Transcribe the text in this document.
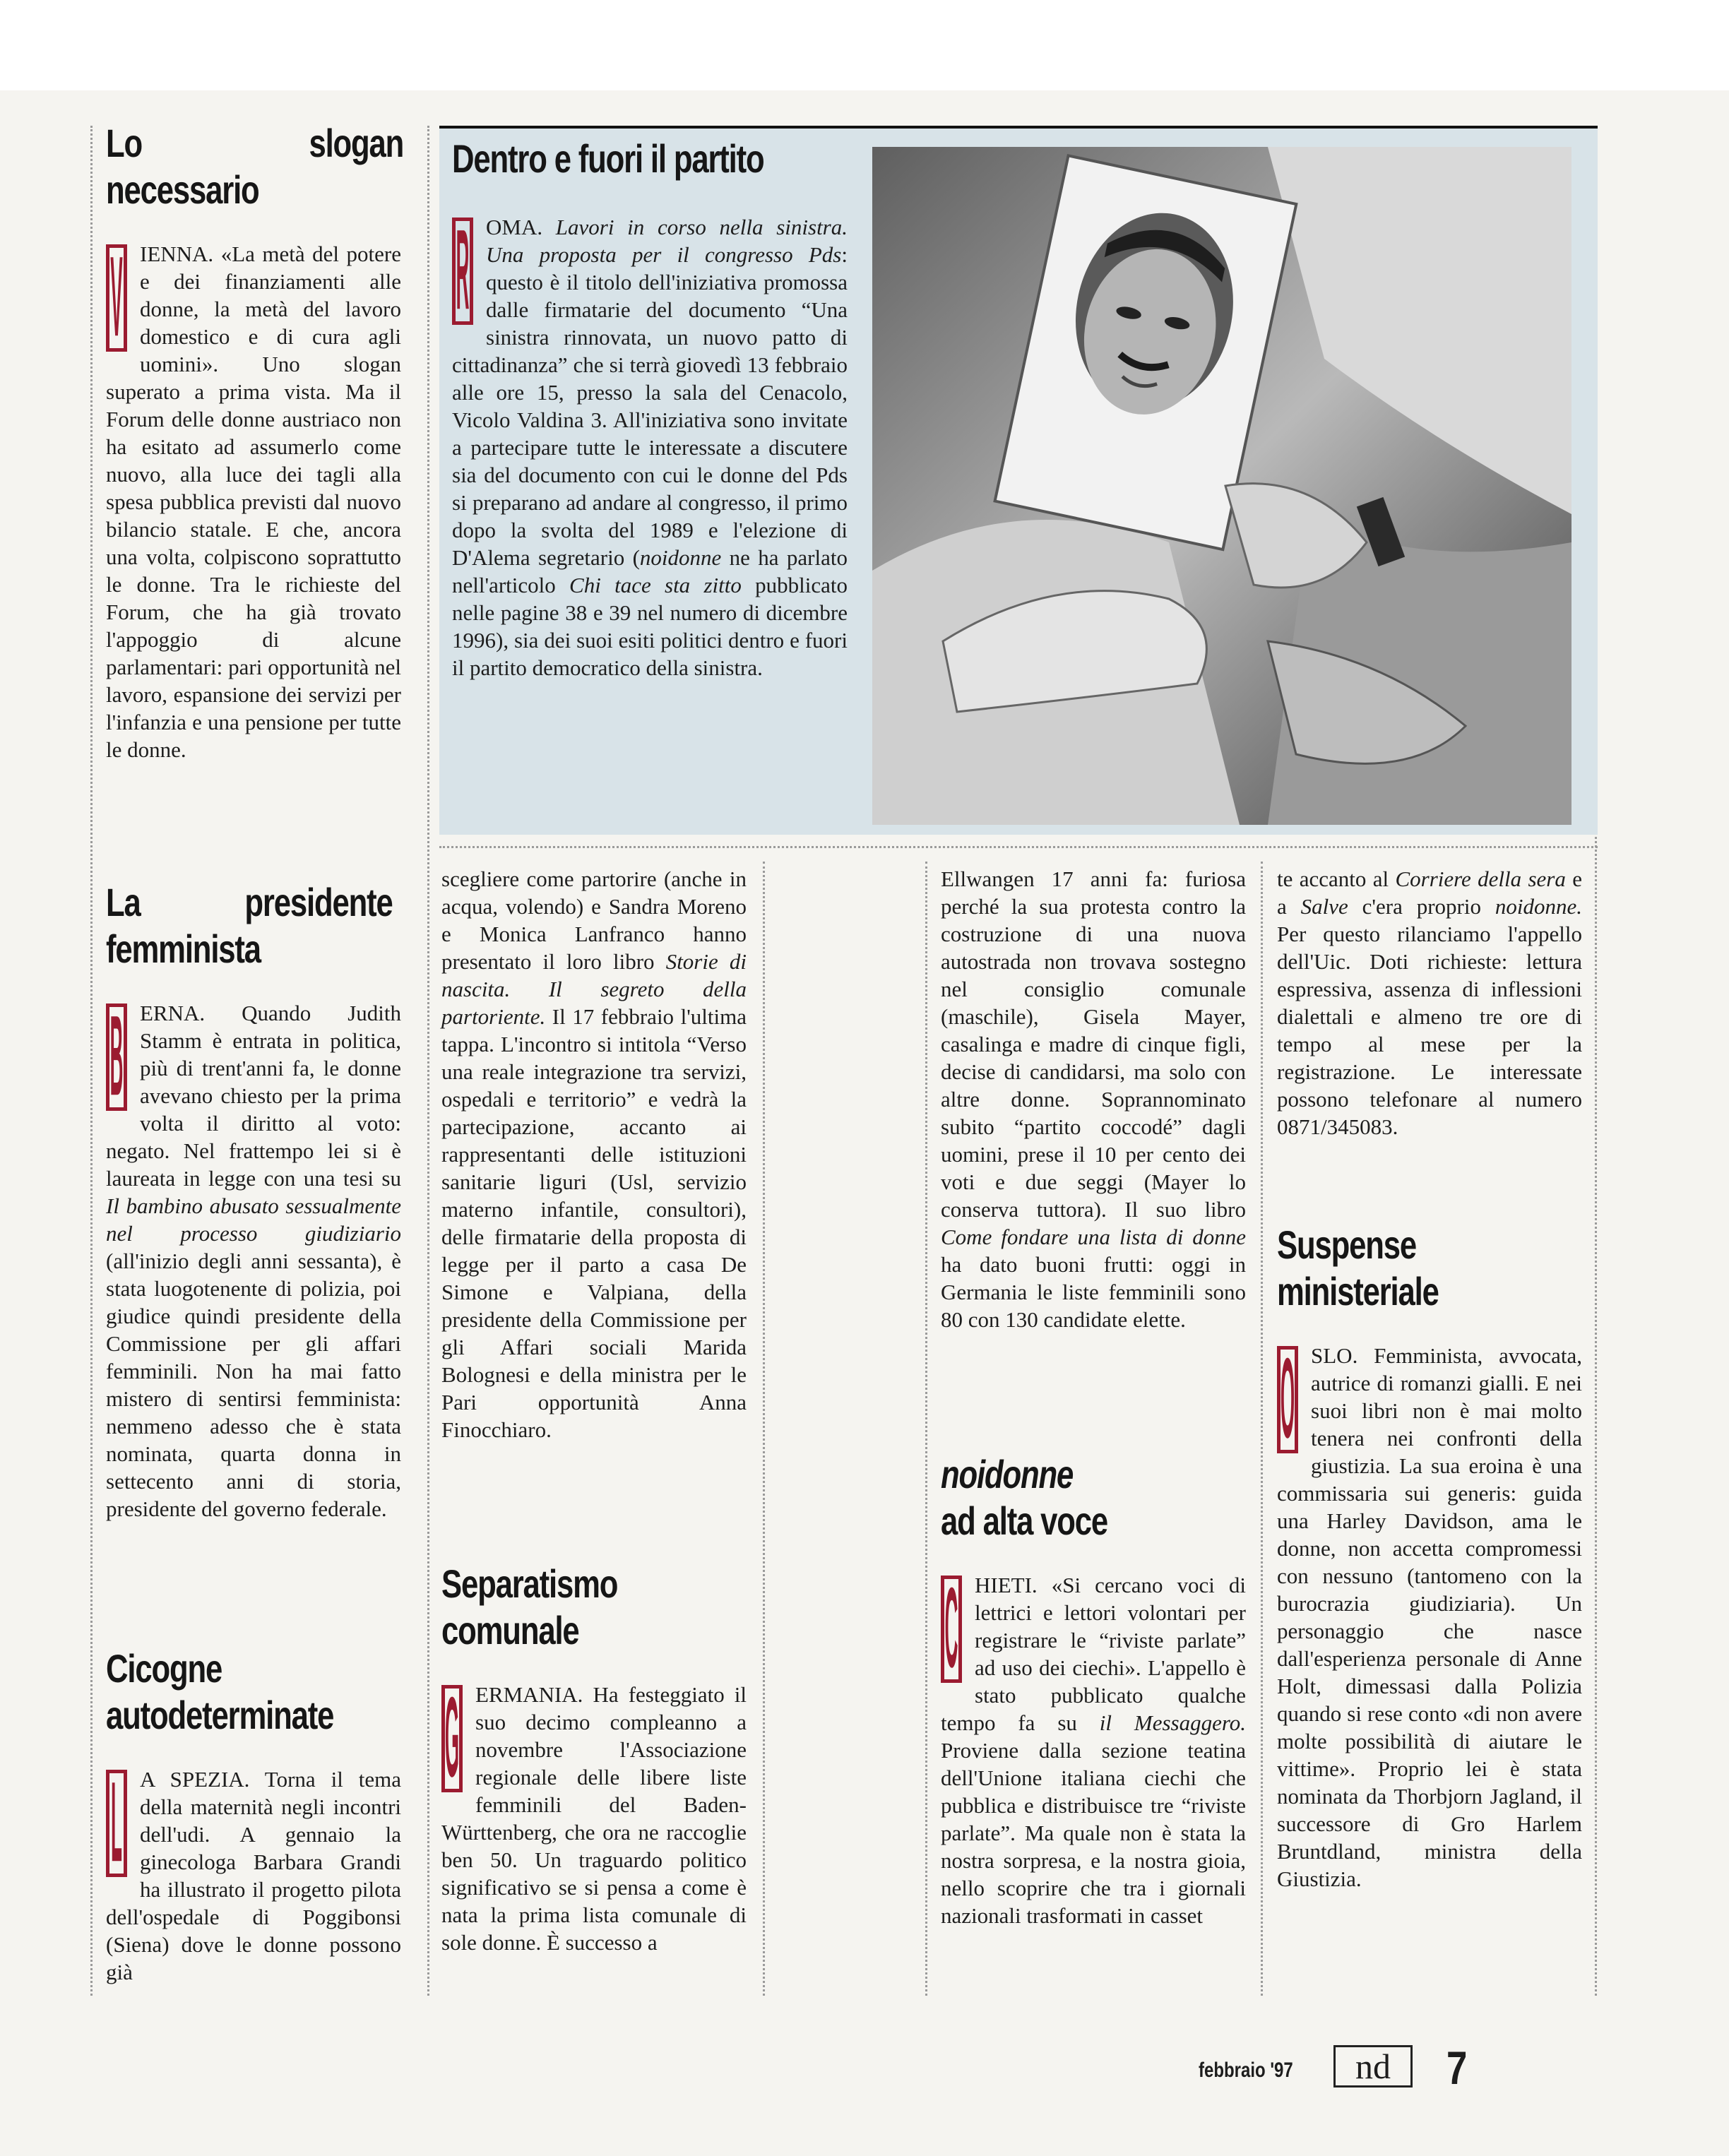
Lo slogan necessario

V IENNA. «La metà del potere e dei finanziamenti alle donne, la metà del lavoro domestico e di cura agli uomini». Uno slogan superato a prima vista. Ma il Forum delle donne austriaco non ha esitato ad assumerlo come nuovo, alla luce dei tagli alla spesa pubblica previsti dal nuovo bilancio statale. E che, ancora una volta, colpiscono soprattutto le donne. Tra le richieste del Forum, che ha già trovato l'appoggio di alcune parlamentari: pari opportunità nel lavoro, espansione dei servizi per l'infanzia e una pensione per tutte le donne.

La presidente femminista

B ERNA. Quando Judith Stamm è entrata in politica, più di trent'anni fa, le donne avevano chiesto per la prima volta il diritto al voto: negato. Nel frattempo lei si è laureata in legge con una tesi su Il bambino abusato sessualmente nel processo giudiziario (all'inizio degli anni sessanta), è stata luogotenente di polizia, poi giudice quindi presidente della Commissione per gli affari femminili. Non ha mai fatto mistero di sentirsi femminista: nemmeno adesso che è stata nominata, quarta donna in settecento anni di storia, presidente del governo federale.

Cicogne autodeterminate

L A SPEZIA. Torna il tema della maternità negli incontri dell'udi. A gennaio la ginecologa Barbara Grandi ha illustrato il progetto pilota dell'ospedale di Poggibonsi (Siena) dove le donne possono già

Dentro e fuori il partito

R OMA. Lavori in corso nella sinistra. Una proposta per il congresso Pds: questo è il titolo dell'iniziativa promossa dalle firmatarie del documento “Una sinistra rinnovata, un nuovo patto di cittadinanza” che si terrà giovedì 13 febbraio alle ore 15, presso la sala del Cenacolo, Vicolo Valdina 3. All'iniziativa sono invitate a partecipare tutte le interessate a discutere sia del documento con cui le donne del Pds si preparano ad andare al congresso, il primo dopo la svolta del 1989 e l'elezione di D'Alema segretario (noidonne ne ha parlato nell'articolo Chi tace sta zitto pubblicato nelle pagine 38 e 39 nel numero di dicembre 1996), sia dei suoi esiti politici dentro e fuori il partito democratico della sinistra.

scegliere come partorire (anche in acqua, volendo) e Sandra Moreno e Monica Lanfranco hanno presentato il loro libro Storie di nascita. Il segreto della partoriente. Il 17 febbraio l'ultima tappa. L'incontro si intitola “Verso una reale integrazione tra servizi, ospedali e territorio” e vedrà la partecipazione, accanto ai rappresentanti delle istituzioni sanitarie liguri (Usl, servizio materno infantile, consultori), delle firmatarie della proposta di legge per il parto a casa De Simone e Valpiana, della presidente della Commissione per gli Affari sociali Marida Bolognesi e della ministra per le Pari opportunità Anna Finocchiaro.

Separatismo comunale

G ERMANIA. Ha festeggiato il suo decimo compleanno a novembre l'Associazione regionale delle libere liste femminili del Baden-Württenberg, che ora ne raccoglie ben 50. Un traguardo politico significativo se si pensa a come è nata la prima lista comunale di sole donne. È successo a

Ellwangen 17 anni fa: furiosa perché la sua protesta contro la costruzione di una nuova autostrada non trovava sostegno nel consiglio comunale (maschile), Gisela Mayer, casalinga e madre di cinque figli, decise di candidarsi, ma solo con altre donne. Soprannominato subito “partito coccodé” dagli uomini, prese il 10 per cento dei voti e due seggi (Mayer lo conserva tuttora). Il suo libro Come fondare una lista di donne ha dato buoni frutti: oggi in Germania le liste femminili sono 80 con 130 candidate elette.

noidonne
ad alta voce

C HIETI. «Si cercano voci di lettrici e lettori volontari per registrare le “riviste parlate” ad uso dei ciechi». L'appello è stato pubblicato qualche tempo fa su il Messaggero. Proviene dalla sezione teatina dell'Unione italiana ciechi che pubblica e distribuisce tre “riviste parlate”. Ma quale non è stata la nostra sorpresa, e la nostra gioia, nello scoprire che tra i giornali nazionali trasformati in casset

te accanto al Corriere della sera e a Salve c'era proprio noidonne. Per questo rilanciamo l'appello dell'Uic. Doti richieste: lettura espressiva, assenza di inflessioni dialettali e almeno tre ore di tempo al mese per la registrazione. Le interessate possono telefonare al numero 0871/345083.

Suspense ministeriale

O SLO. Femminista, avvocata, autrice di romanzi gialli. E nei suoi libri non è mai molto tenera nei confronti della giustizia. La sua eroina è una commissaria sui generis: guida una Harley Davidson, ama le donne, non accetta compromessi con nessuno (tantomeno con la burocrazia giudiziaria). Un personaggio che nasce dall'esperienza personale di Anne Holt, dimessasi dalla Polizia quando si rese conto «di non avere molte possibilità di aiutare le vittime». Proprio lei è stata nominata da Thorbjorn Jagland, il successore di Gro Harlem Bruntdland, ministra della Giustizia.

febbraio '97 nd 7
